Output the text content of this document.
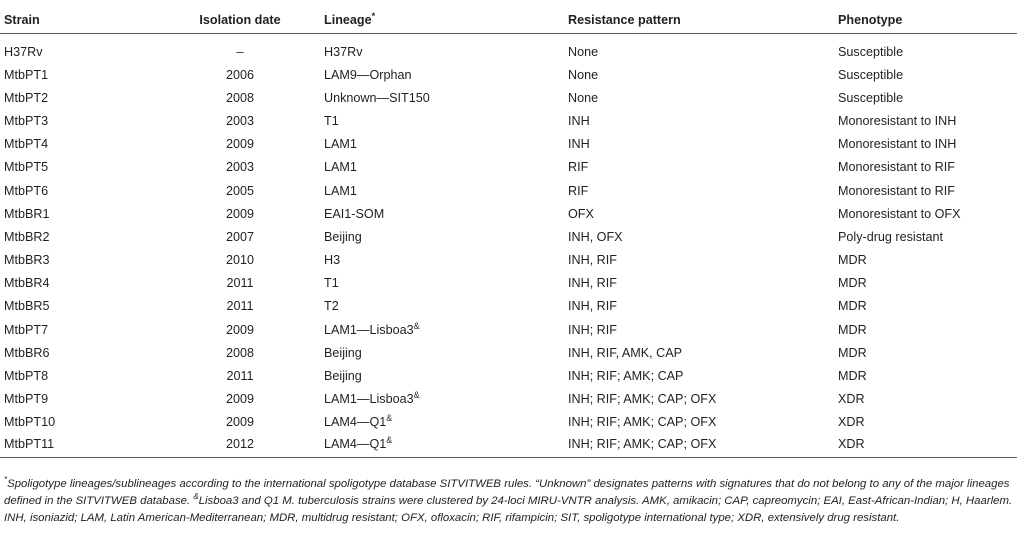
Strain	Isolation date	Lineage*	Resistance pattern	Phenotype
H37Rv	–	H37Rv	None	Susceptible
MtbPT1	2006	LAM9—Orphan	None	Susceptible
MtbPT2	2008	Unknown—SIT150	None	Susceptible
MtbPT3	2003	T1	INH	Monoresistant to INH
MtbPT4	2009	LAM1	INH	Monoresistant to INH
MtbPT5	2003	LAM1	RIF	Monoresistant to RIF
MtbPT6	2005	LAM1	RIF	Monoresistant to RIF
MtbBR1	2009	EAI1-SOM	OFX	Monoresistant to OFX
MtbBR2	2007	Beijing	INH, OFX	Poly-drug resistant
MtbBR3	2010	H3	INH, RIF	MDR
MtbBR4	2011	T1	INH, RIF	MDR
MtbBR5	2011	T2	INH, RIF	MDR
MtbPT7	2009	LAM1—Lisboa3&	INH; RIF	MDR
MtbBR6	2008	Beijing	INH, RIF, AMK, CAP	MDR
MtbPT8	2011	Beijing	INH; RIF; AMK; CAP	MDR
MtbPT9	2009	LAM1—Lisboa3&	INH; RIF; AMK; CAP; OFX	XDR
MtbPT10	2009	LAM4—Q1&	INH; RIF; AMK; CAP; OFX	XDR
MtbPT11	2012	LAM4—Q1&	INH; RIF; AMK; CAP; OFX	XDR
*Spoligotype lineages/sublineages according to the international spoligotype database SITVITWEB rules. “Unknown” designates patterns with signatures that do not belong to any of the major lineages defined in the SITVITWEB database. &Lisboa3 and Q1 M. tuberculosis strains were clustered by 24-loci MIRU-VNTR analysis. AMK, amikacin; CAP, capreomycin; EAI, East-African-Indian; H, Haarlem. INH, isoniazid; LAM, Latin American-Mediterranean; MDR, multidrug resistant; OFX, ofloxacin; RIF, rifampicin; SIT, spoligotype international type; XDR, extensively drug resistant.
